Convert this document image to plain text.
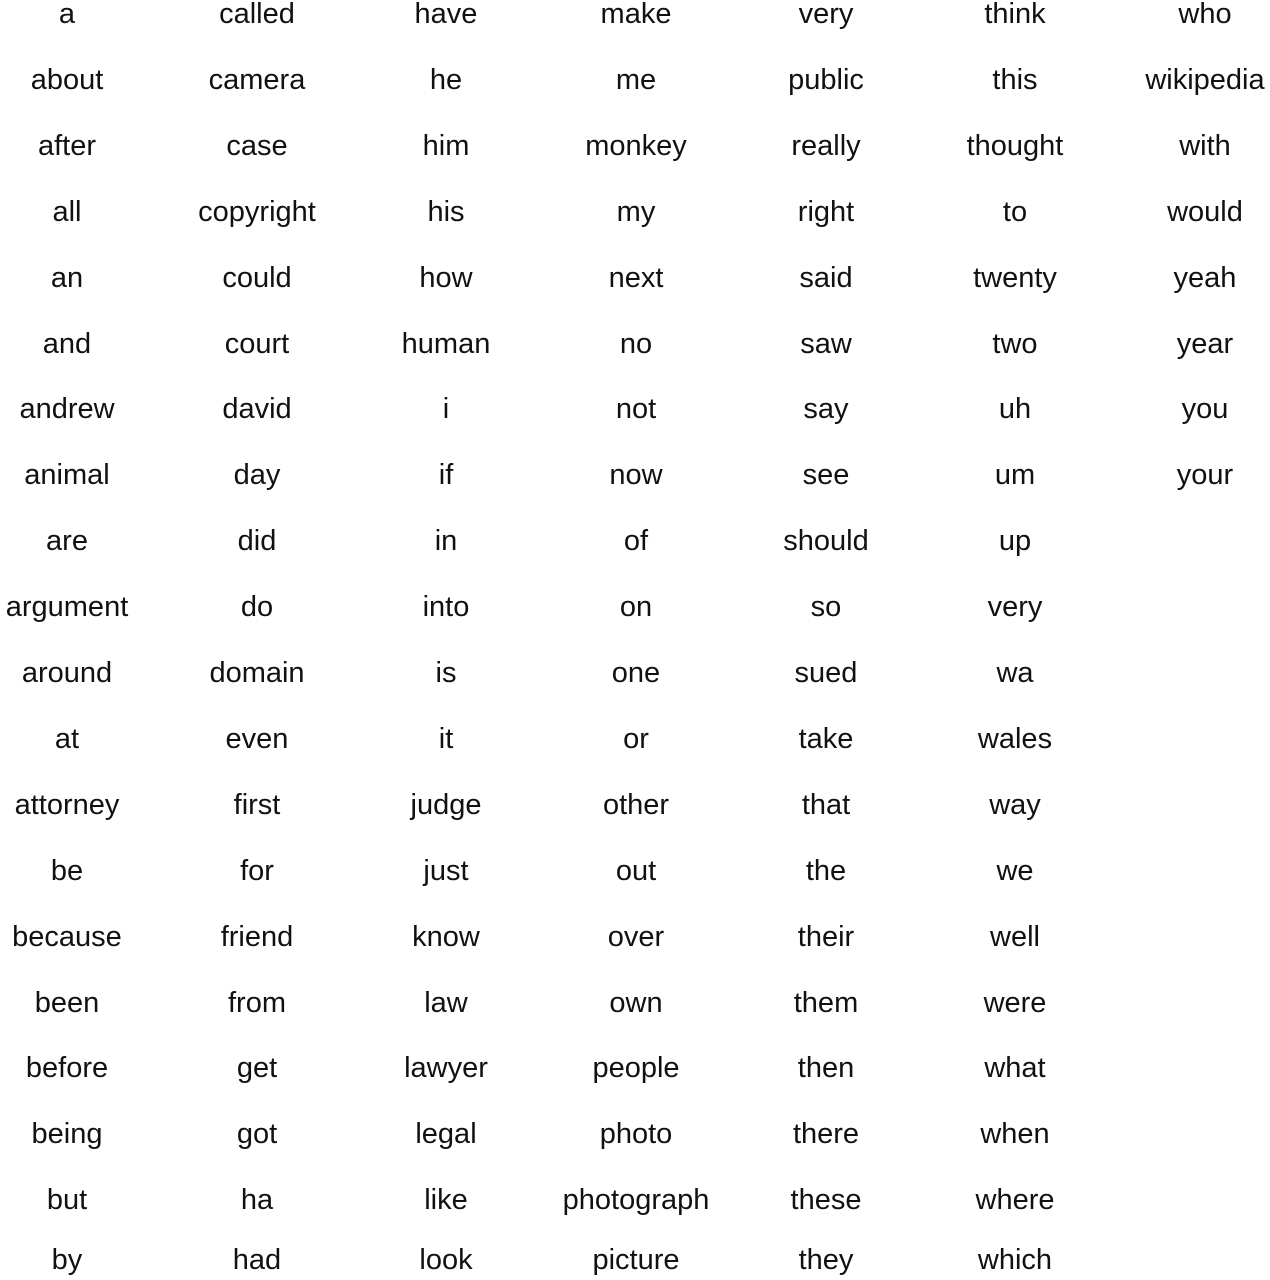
a
about
after
all
an
and
andrew
animal
are
argument
around
at
attorney
be
because
been
before
being
but
by
called
camera
case
copyright
could
court
david
day
did
do
domain
even
first
for
friend
from
get
got
ha
had
have
he
him
his
how
human
i
if
in
into
is
it
judge
just
know
law
lawyer
legal
like
look
make
me
monkey
my
next
no
not
now
of
on
one
or
other
out
over
own
people
photo
photograph
picture
very
public
really
right
said
saw
say
see
should
so
sued
take
that
the
their
them
then
there
these
they
think
this
thought
to
twenty
two
uh
um
up
very
wa
wales
way
we
well
were
what
when
where
which
who
wikipedia
with
would
yeah
year
you
your
